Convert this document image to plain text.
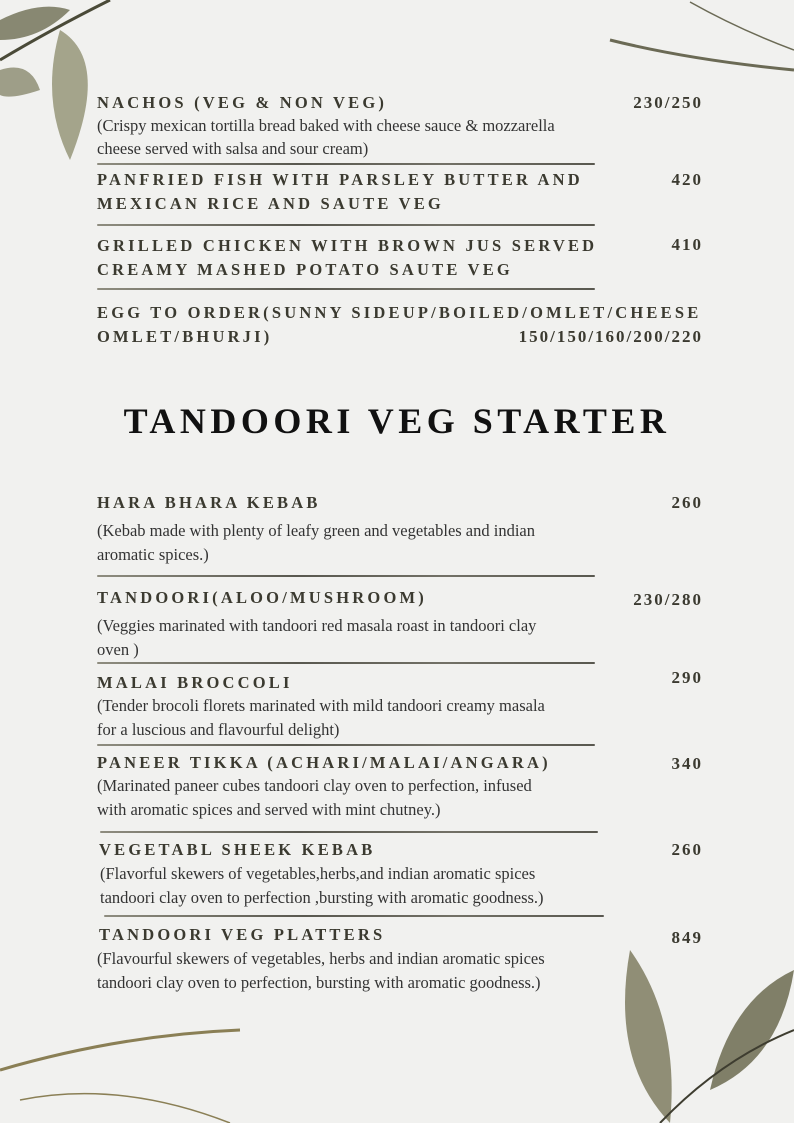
NACHOS (VEG & NON VEG)	230/250
(Crispy mexican tortilla bread baked with cheese sauce & mozzarella
cheese served with salsa and sour cream)
PANFRIED FISH WITH PARSLEY BUTTER AND
MEXICAN RICE AND SAUTE VEG
420
GRILLED CHICKEN WITH BROWN JUS SERVED
CREAMY MASHED POTATO SAUTE VEG
410
EGG TO ORDER(SUNNY SIDEUP/BOILED/OMLET/CHEESE
OMLET/BHURJI)	150/150/160/200/220
TANDOORI VEG STARTER
HARA BHARA KEBAB	260
(Kebab made with plenty of leafy green and vegetables and indian
aromatic spices.)
TANDOORI(ALOO/MUSHROOM)	230/280
(Veggies marinated with tandoori red masala roast in tandoori clay
oven )
MALAI BROCCOLI	290
(Tender brocoli florets marinated with mild tandoori creamy masala
for a luscious and flavourful delight)
PANEER TIKKA (ACHARI/MALAI/ANGARA)	340
(Marinated paneer cubes tandoori clay oven to perfection, infused
with aromatic spices and served with mint chutney.)
VEGETABL SHEEK KEBAB	260
(Flavorful skewers of vegetables,herbs,and indian aromatic spices
tandoori clay oven to perfection ,bursting with aromatic goodness.)
TANDOORI VEG PLATTERS	849
(Flavourful skewers of vegetables, herbs and indian aromatic spices
tandoori clay oven to perfection, bursting with aromatic goodness.)
